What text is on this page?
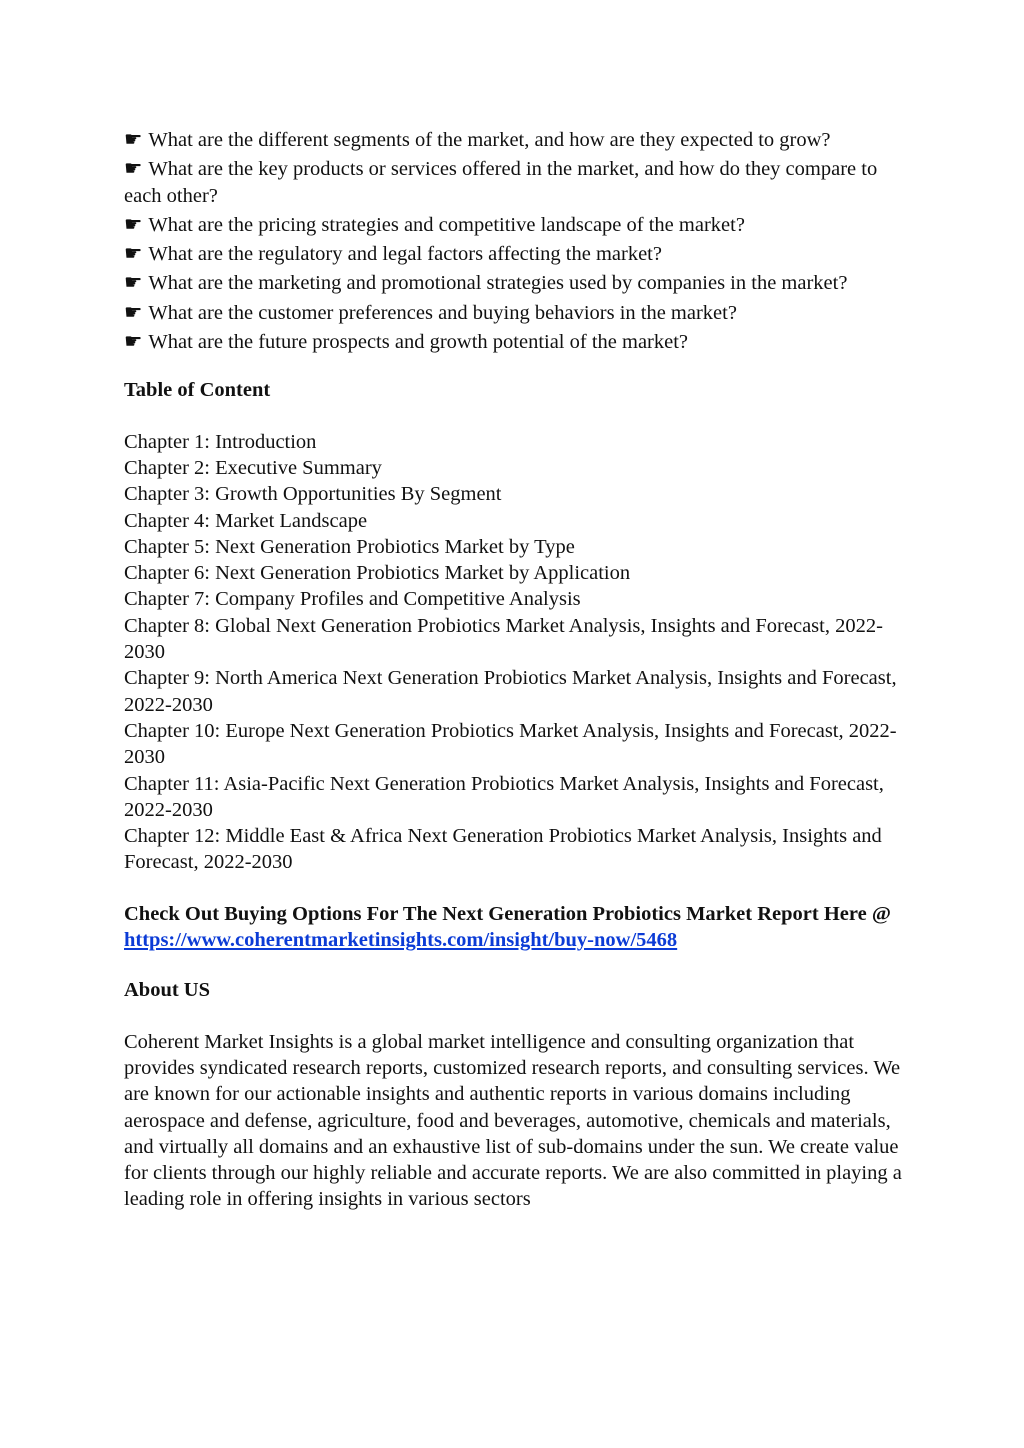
☛ What are the different segments of the market, and how are they expected to grow?

☛ What are the key products or services offered in the market, and how do they compare to each other?

☛ What are the pricing strategies and competitive landscape of the market?

☛ What are the regulatory and legal factors affecting the market?

☛ What are the marketing and promotional strategies used by companies in the market?

☛ What are the customer preferences and buying behaviors in the market?

☛ What are the future prospects and growth potential of the market?

Table of Content

Chapter 1: Introduction

Chapter 2: Executive Summary

Chapter 3: Growth Opportunities By Segment

Chapter 4: Market Landscape

Chapter 5: Next Generation Probiotics Market by Type

Chapter 6: Next Generation Probiotics Market by Application

Chapter 7: Company Profiles and Competitive Analysis

Chapter 8: Global Next Generation Probiotics Market Analysis, Insights and Forecast, 2022-2030

Chapter 9: North America Next Generation Probiotics Market Analysis, Insights and Forecast, 2022-2030

Chapter 10: Europe Next Generation Probiotics Market Analysis, Insights and Forecast, 2022-2030

Chapter 11: Asia-Pacific Next Generation Probiotics Market Analysis, Insights and Forecast, 2022-2030

Chapter 12: Middle East & Africa Next Generation Probiotics Market Analysis, Insights and Forecast, 2022-2030

Check Out Buying Options For The Next Generation Probiotics Market Report Here @ https://www.coherentmarketinsights.com/insight/buy-now/5468

About US

Coherent Market Insights is a global market intelligence and consulting organization that provides syndicated research reports, customized research reports, and consulting services. We are known for our actionable insights and authentic reports in various domains including aerospace and defense, agriculture, food and beverages, automotive, chemicals and materials, and virtually all domains and an exhaustive list of sub-domains under the sun. We create value for clients through our highly reliable and accurate reports. We are also committed in playing a leading role in offering insights in various sectors
